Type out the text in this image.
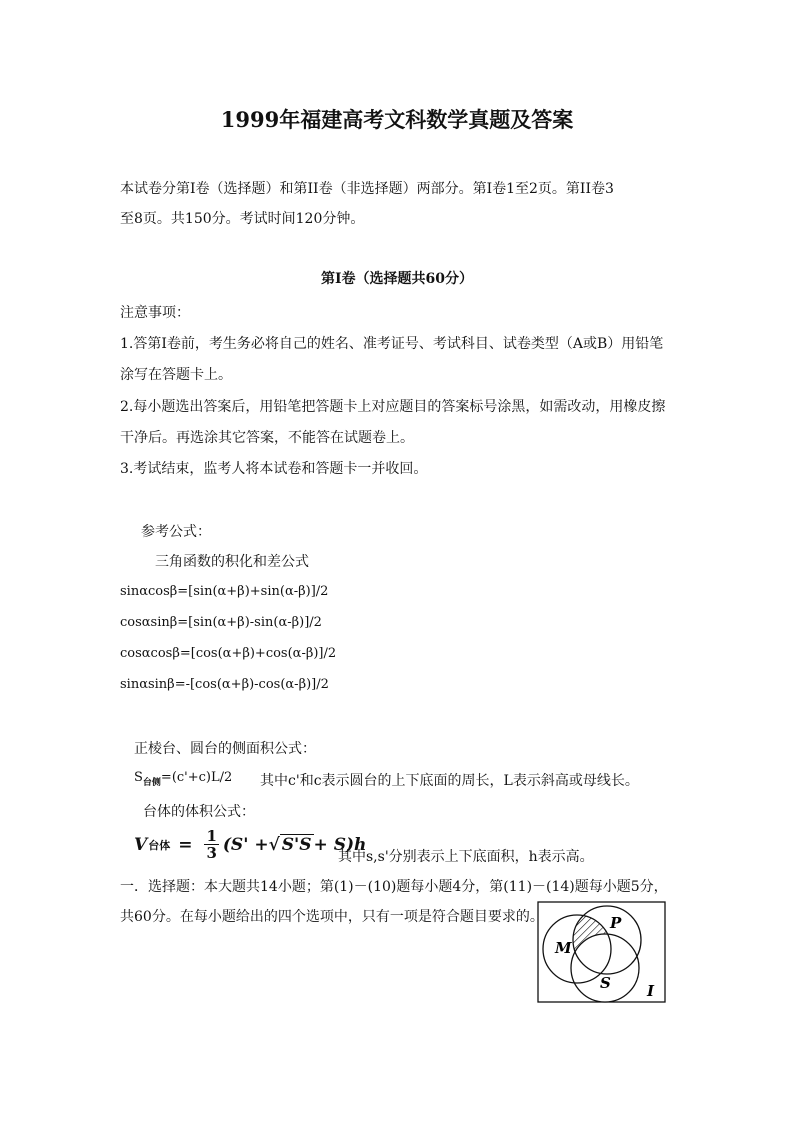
1999年福建高考文科数学真题及答案
本试卷分第Ⅰ卷（选择题）和第II卷（非选择题）两部分。第Ⅰ卷1至2页。第II卷3
至8页。共150分。考试时间120分钟。
第Ⅰ卷（选择题共60分）
注意事项：
1.答第Ⅰ卷前，考生务必将自己的姓名、准考证号、考试科目、试卷类型（A或B）用铅笔
涂写在答题卡上。
2.每小题选出答案后，用铅笔把答题卡上对应题目的答案标号涂黑，如需改动，用橡皮擦
干净后。再选涂其它答案，不能答在试题卷上。
3.考试结束，监考人将本试卷和答题卡一并收回。
参考公式：
三角函数的积化和差公式
sinαcosβ=[sin(α+β)+sin(α-β)]/2
cosαsinβ=[sin(α+β)-sin(α-β)]/2
cosαcosβ=[cos(α+β)+cos(α-β)]/2
sinαsinβ=-[cos(α+β)-cos(α-β)]/2
正棱台、圆台的侧面积公式：
$S_{台侧}=(c'+c)L/2$ 其中c'和c表示圆台的上下底面的周长，L表示斜高或母线长。
台体的体积公式：
V 台体 = $\frac{1}{3} (S'$ + √ S'S + S)h
其中s,s'分别表示上下底面积，h表示高。
一．选择题：本大题共14小题；第(1)－(10)题每小题4分，第(11)－(14)题每小题5分，
共60分。在每小题给出的四个选项中，只有一项是符合题目要求的。
M
P
S I
